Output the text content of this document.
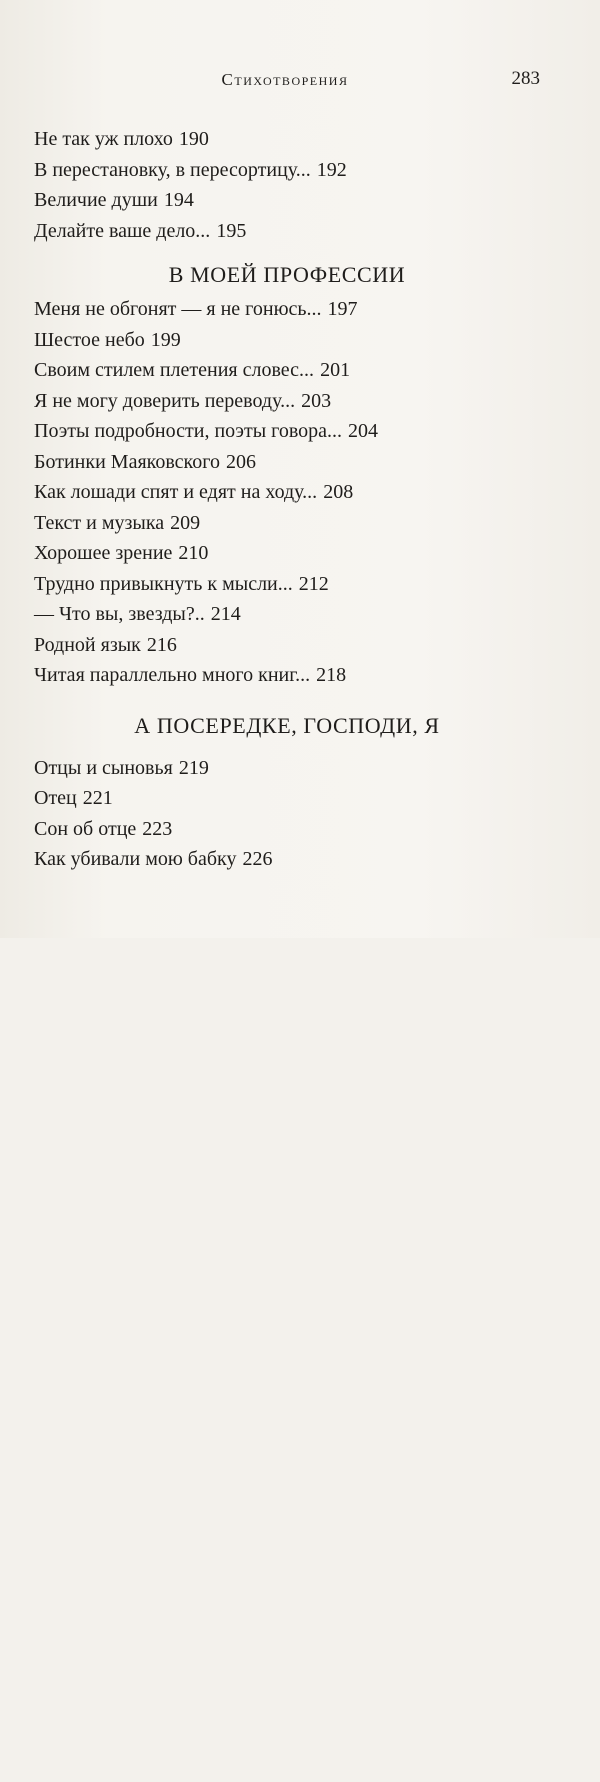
Стихотворения	283
Не так уж плохо 190
В перестановку, в пересортицу... 192
Величие души 194
Делайте ваше дело... 195
В МОЕЙ ПРОФЕССИИ
Меня не обгонят — я не гонюсь... 197
Шестое небо 199
Своим стилем плетения словес... 201
Я не могу доверить переводу... 203
Поэты подробности, поэты говора... 204
Ботинки Маяковского 206
Как лошади спят и едят на ходу... 208
Текст и музыка 209
Хорошее зрение 210
Трудно привыкнуть к мысли... 212
— Что вы, звезды?.. 214
Родной язык 216
Читая параллельно много книг... 218
А ПОСЕРЕДКЕ, ГОСПОДИ, Я
Отцы и сыновья 219
Отец 221
Сон об отце 223
Как убивали мою бабку 226
